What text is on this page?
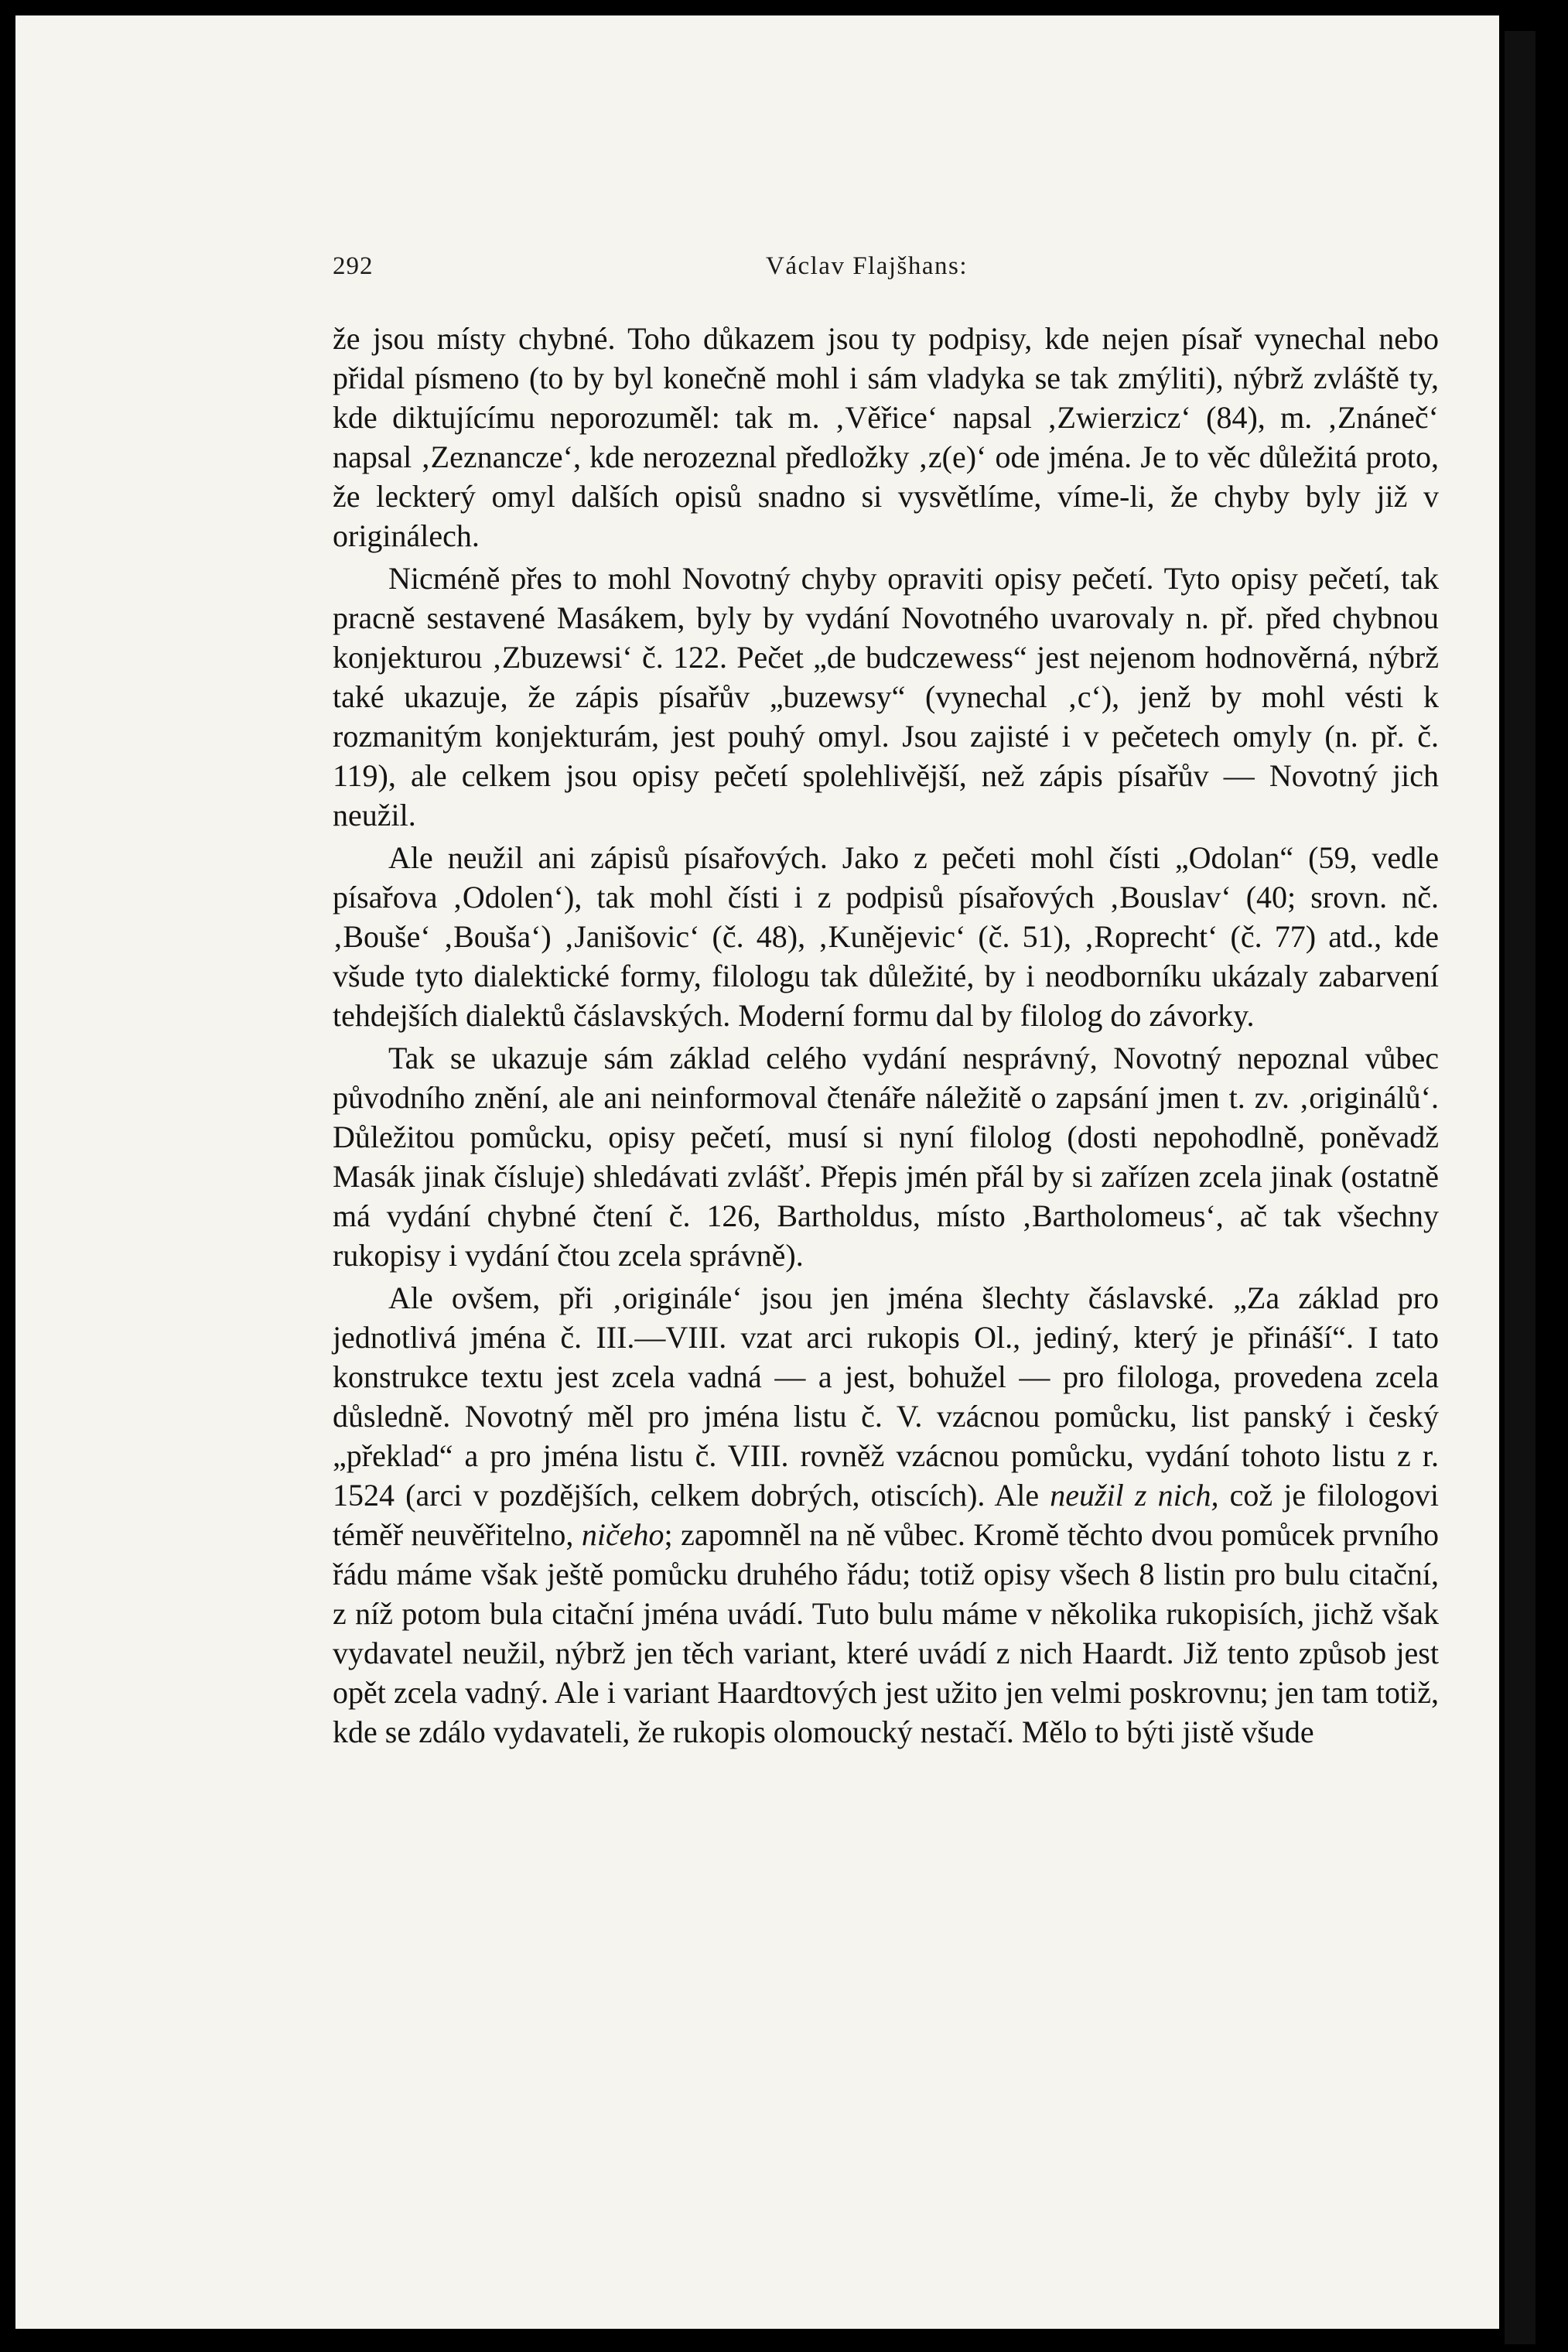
292	Václav Flajšhans:

že jsou místy chybné. Toho důkazem jsou ty podpisy, kde nejen písař vynechal nebo přidal písmeno (to by byl konečně mohl i sám vladyka se tak zmýliti), nýbrž zvláště ty, kde diktujícímu neporozuměl: tak m. ‚Věřice‘ napsal ‚Zwierzicz‘ (84), m. ‚Znáneč‘ napsal ‚Zeznancze‘, kde nerozeznal předložky ‚z(e)‘ ode jména. Je to věc důležitá proto, že leckterý omyl dalších opisů snadno si vysvětlíme, víme-li, že chyby byly již v originálech.

Nicméně přes to mohl Novotný chyby opraviti opisy pečetí. Tyto opisy pečetí, tak pracně sestavené Masákem, byly by vydání Novotného uvarovaly n. př. před chybnou konjekturou ‚Zbuzewsi‘ č. 122. Pečet „de budczewess“ jest nejenom hodnověrná, nýbrž také ukazuje, že zápis písařův „buzewsy“ (vynechal ‚c‘), jenž by mohl vésti k rozmanitým konjekturám, jest pouhý omyl. Jsou zajisté i v pečetech omyly (n. př. č. 119), ale celkem jsou opisy pečetí spolehlivější, než zápis písařův — Novotný jich neužil.

Ale neužil ani zápisů písařových. Jako z pečeti mohl čísti „Odolan“ (59, vedle písařova ‚Odolen‘), tak mohl čísti i z podpisů písařových ‚Bouslav‘ (40; srovn. nč. ‚Bouše‘ ‚Bouša‘) ‚Janišovic‘ (č. 48), ‚Kunějevic‘ (č. 51), ‚Roprecht‘ (č. 77) atd., kde všude tyto dialektické formy, filologu tak důležité, by i neodborníku ukázaly zabarvení tehdejších dialektů čáslavských. Moderní formu dal by filolog do závorky.

Tak se ukazuje sám základ celého vydání nesprávný, Novotný nepoznal vůbec původního znění, ale ani neinformoval čtenáře náležitě o zapsání jmen t. zv. ‚originálů‘. Důležitou pomůcku, opisy pečetí, musí si nyní filolog (dosti nepohodlně, poněvadž Masák jinak čísluje) shledávati zvlášť. Přepis jmén přál by si zařízen zcela jinak (ostatně má vydání chybné čtení č. 126, Bartholdus, místo ‚Bartholomeus‘, ač tak všechny rukopisy i vydání čtou zcela správně).

Ale ovšem, při ‚originále‘ jsou jen jména šlechty čáslavské. „Za základ pro jednotlivá jména č. III.—VIII. vzat arci rukopis Ol., jediný, který je přináší“. I tato konstrukce textu jest zcela vadná — a jest, bohužel — pro filologa, provedena zcela důsledně. Novotný měl pro jména listu č. V. vzácnou pomůcku, list panský i český „překlad“ a pro jména listu č. VIII. rovněž vzácnou pomůcku, vydání tohoto listu z r. 1524 (arci v pozdějších, celkem dobrých, otiscích). Ale neužil z nich, což je filologovi téměř neuvěřitelno, ničeho; zapomněl na ně vůbec. Kromě těchto dvou pomůcek prvního řádu máme však ještě pomůcku druhého řádu; totiž opisy všech 8 listin pro bulu citační, z níž potom bula citační jména uvádí. Tuto bulu máme v několika rukopisích, jichž však vydavatel neužil, nýbrž jen těch variant, které uvádí z nich Haardt. Již tento způsob jest opět zcela vadný. Ale i variant Haardtových jest užito jen velmi poskrovnu; jen tam totiž, kde se zdálo vydavateli, že rukopis olomoucký nestačí. Mělo to býti jistě všude
